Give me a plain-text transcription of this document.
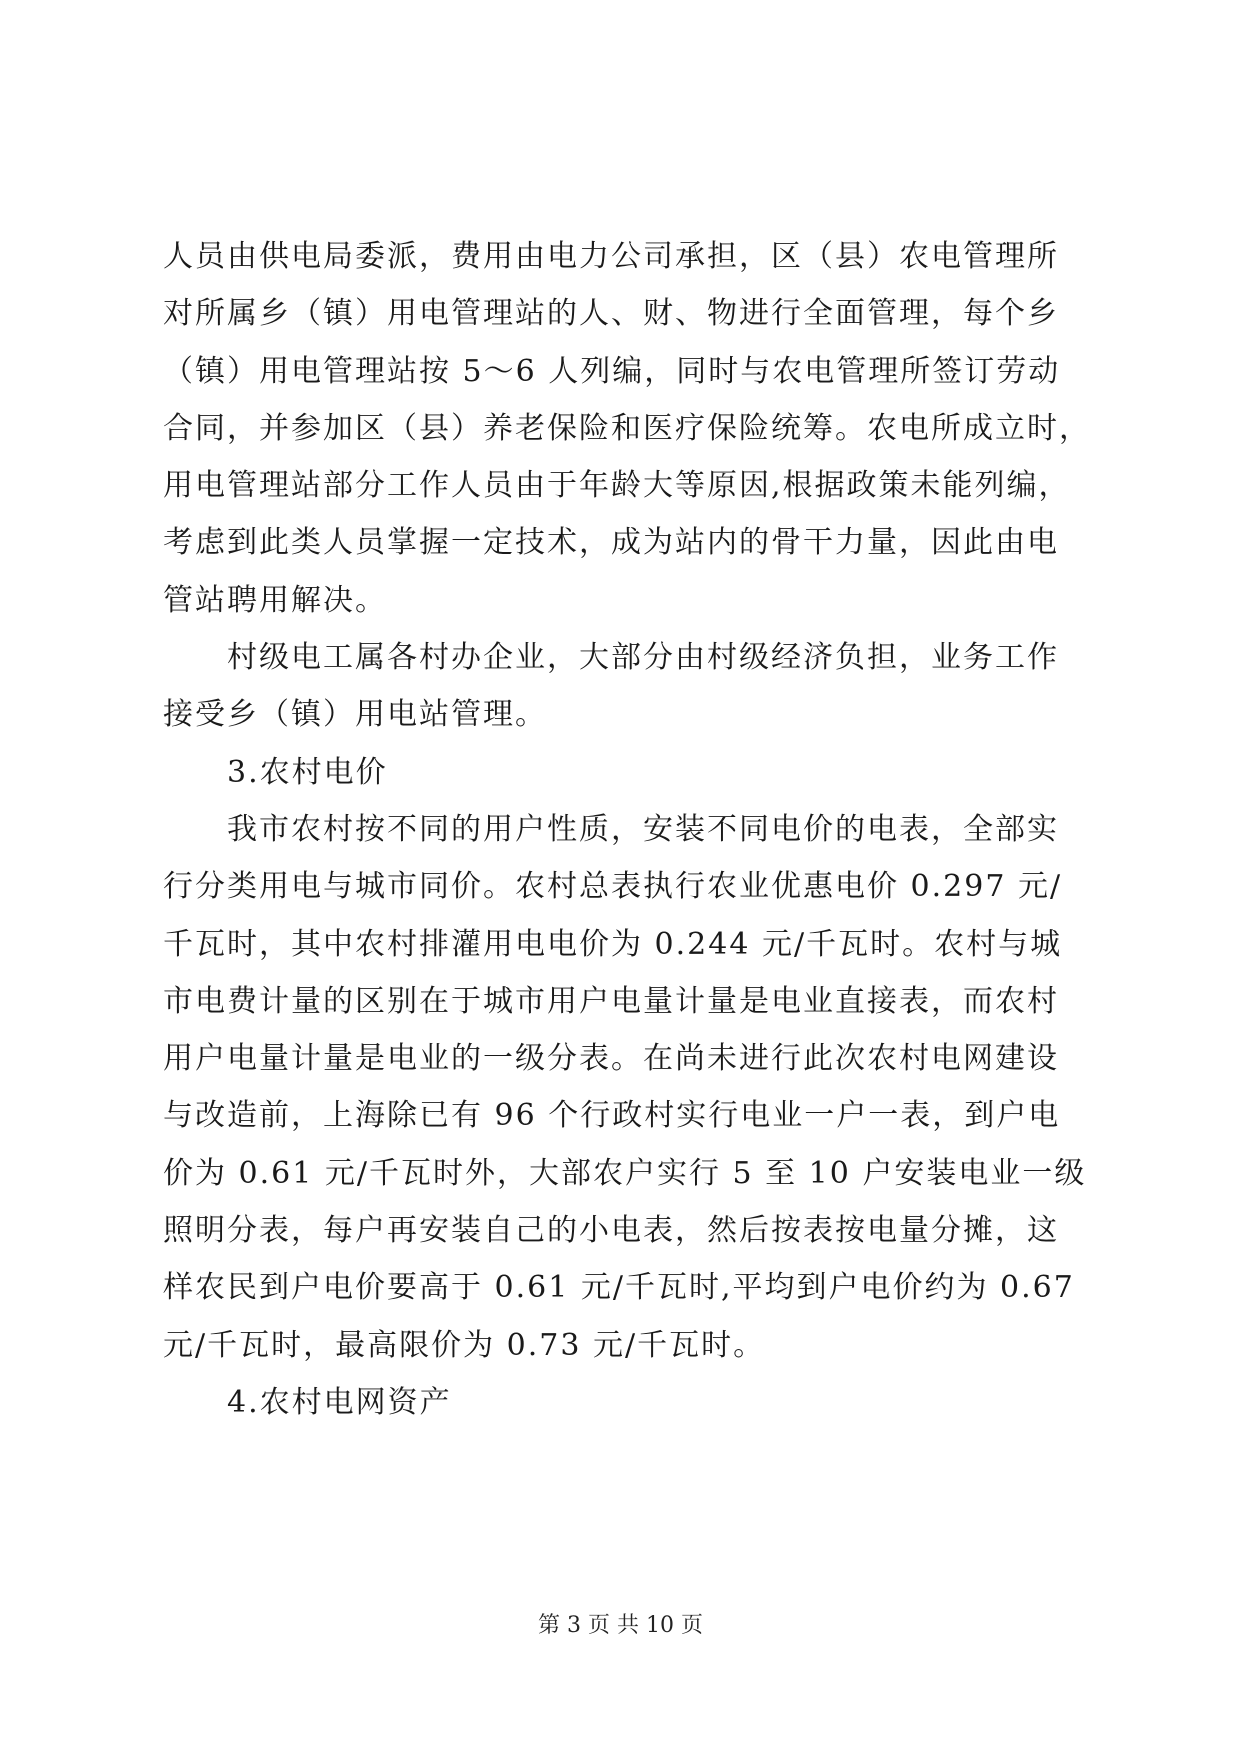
人员由供电局委派，费用由电力公司承担，区（县）农电管理所
对所属乡（镇）用电管理站的人、财、物进行全面管理，每个乡
（镇）用电管理站按 5～6 人列编，同时与农电管理所签订劳动
合同，并参加区（县）养老保险和医疗保险统筹。农电所成立时，
用电管理站部分工作人员由于年龄大等原因,根据政策未能列编，
考虑到此类人员掌握一定技术，成为站内的骨干力量，因此由电
管站聘用解决。
村级电工属各村办企业，大部分由村级经济负担，业务工作
接受乡（镇）用电站管理。
3.农村电价
我市农村按不同的用户性质，安装不同电价的电表，全部实
行分类用电与城市同价。农村总表执行农业优惠电价 0.297 元/
千瓦时，其中农村排灌用电电价为 0.244 元/千瓦时。农村与城
市电费计量的区别在于城市用户电量计量是电业直接表，而农村
用户电量计量是电业的一级分表。在尚未进行此次农村电网建设
与改造前，上海除已有 96 个行政村实行电业一户一表，到户电
价为 0.61 元/千瓦时外，大部农户实行 5 至 10 户安装电业一级
照明分表，每户再安装自己的小电表，然后按表按电量分摊，这
样农民到户电价要高于 0.61 元/千瓦时,平均到户电价约为 0.67
元/千瓦时，最高限价为 0.73 元/千瓦时。
4.农村电网资产
第 3 页 共 10 页
